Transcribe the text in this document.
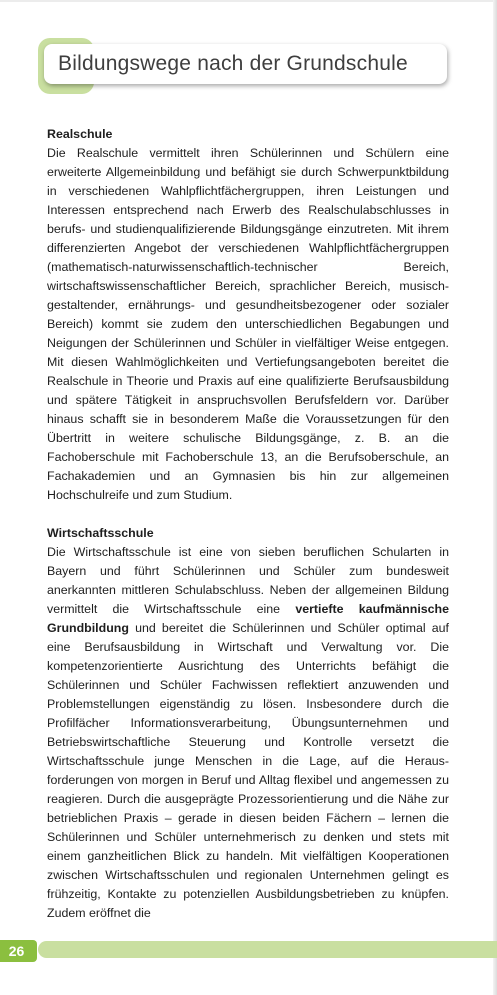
Bildungswege nach der Grundschule

Realschule

Die Realschule vermittelt ihren Schülerinnen und Schülern eine erweiterte Allgemeinbildung und befähigt sie durch Schwerpunktbildung in verschiedenen Wahlpflichtfächergruppen, ihren Leistungen und Interessen entsprechend nach Erwerb des Realschulabschlusses in berufs- und studienqualifizierende Bildungsgänge einzutreten. Mit ihrem differenzierten Angebot der verschiedenen Wahlpflichtfächergruppen (mathematisch-naturwissenschaftlich-technischer Bereich, wirtschaftswissenschaftlicher Bereich, sprachlicher Bereich, musisch-gestaltender, ernährungs- und gesundheitsbezogener oder sozialer Bereich) kommt sie zudem den unterschiedlichen Begabungen und Neigungen der Schülerinnen und Schüler in vielfältiger Weise entgegen. Mit diesen Wahlmöglichkeiten und Vertiefungsangeboten bereitet die Realschule in Theorie und Praxis auf eine qualifizierte Berufsausbildung und spätere Tätigkeit in anspruchsvollen Berufsfeldern vor. Darüber hinaus schafft sie in besonderem Maße die Voraussetzungen für den Übertritt in weitere schulische Bildungsgänge, z. B. an die Fachoberschule mit Fachoberschule 13, an die Berufsoberschule, an Fachakademien und an Gymnasien bis hin zur allgemeinen Hochschulreife und zum Studium.

Wirtschaftsschule

Die Wirtschaftsschule ist eine von sieben beruflichen Schularten in Bayern und führt Schülerinnen und Schüler zum bundesweit anerkannten mittleren Schulabschluss. Neben der allgemeinen Bildung vermittelt die Wirtschaftsschule eine vertiefte kaufmännische Grundbildung und bereitet die Schülerinnen und Schüler optimal auf eine Berufsausbildung in Wirtschaft und Verwaltung vor. Die kompetenzorientierte Ausrichtung des Unterrichts befähigt die Schülerinnen und Schüler Fachwissen reflektiert anzuwenden und Problemstellungen eigenständig zu lösen. Insbesondere durch die Profilfächer Informationsverarbeitung, Übungsunternehmen und Betriebswirtschaftliche Steuerung und Kontrolle versetzt die Wirtschaftsschule junge Menschen in die Lage, auf die Herausforderungen von morgen in Beruf und Alltag flexibel und angemessen zu reagieren. Durch die ausgeprägte Prozessorientierung und die Nähe zur betrieblichen Praxis – gerade in diesen beiden Fächern – lernen die Schülerinnen und Schüler unternehmerisch zu denken und stets mit einem ganzheitlichen Blick zu handeln. Mit vielfältigen Kooperationen zwischen Wirtschaftsschulen und regionalen Unternehmen gelingt es frühzeitig, Kontakte zu potenziellen Ausbildungsbetrieben zu knüpfen. Zudem eröffnet die

26
